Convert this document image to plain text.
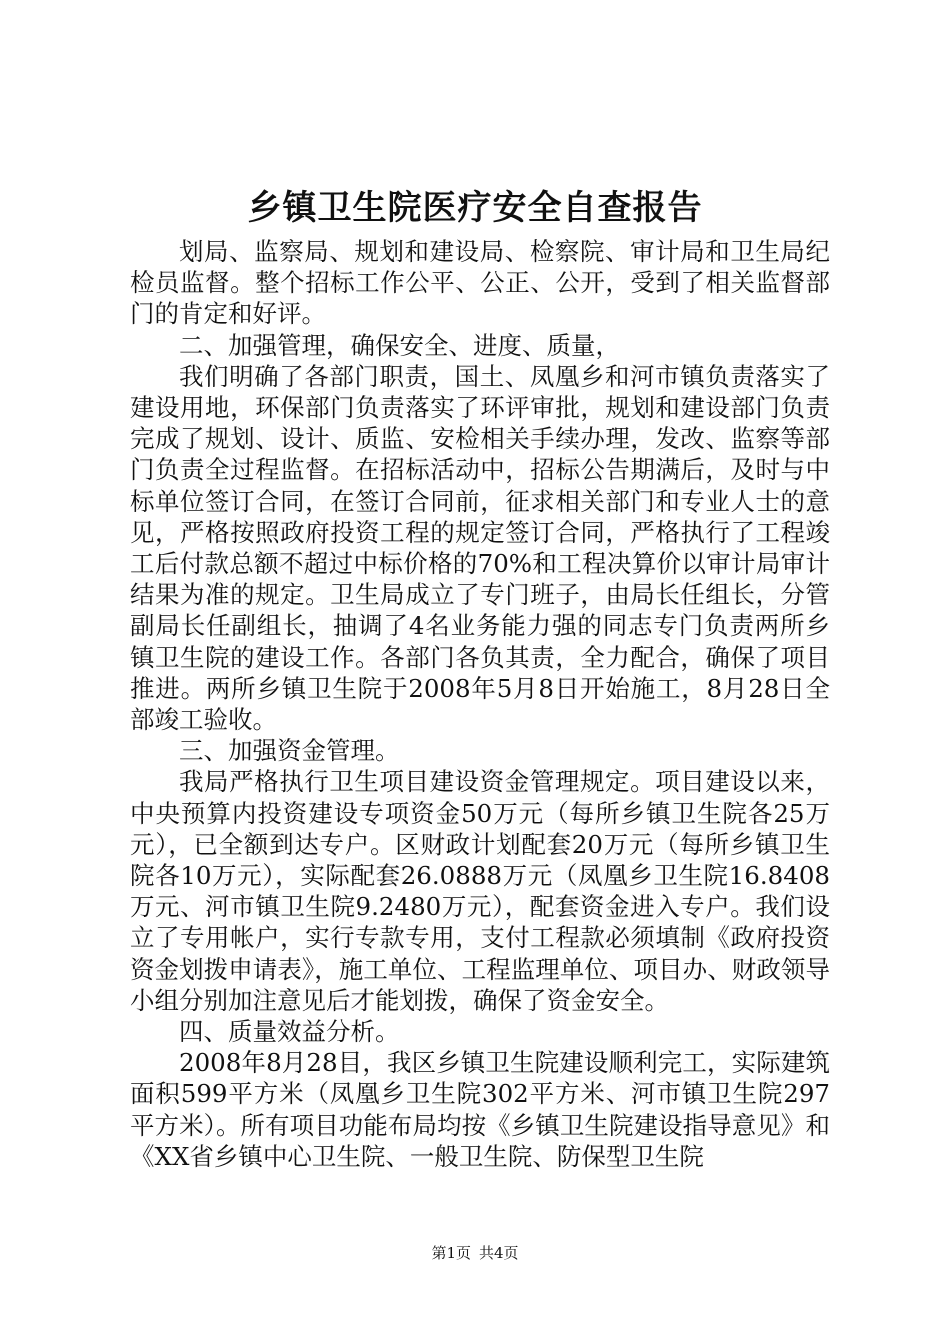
乡镇卫生院医疗安全自查报告

划局、监察局、规划和建设局、检察院、审计局和卫生局纪检员监督。整个招标工作公平、公正、公开，受到了相关监督部门的肯定和好评。

二、加强管理，确保安全、进度、质量，

我们明确了各部门职责，国土、凤凰乡和河市镇负责落实了建设用地，环保部门负责落实了环评审批，规划和建设部门负责完成了规划、设计、质监、安检相关手续办理，发改、监察等部门负责全过程监督。在招标活动中，招标公告期满后，及时与中标单位签订合同，在签订合同前，征求相关部门和专业人士的意见，严格按照政府投资工程的规定签订合同，严格执行了工程竣工后付款总额不超过中标价格的70%和工程决算价以审计局审计结果为准的规定。卫生局成立了专门班子，由局长任组长，分管副局长任副组长，抽调了4名业务能力强的同志专门负责两所乡镇卫生院的建设工作。各部门各负其责，全力配合，确保了项目推进。两所乡镇卫生院于2008年5月8日开始施工，8月28日全部竣工验收。

三、加强资金管理。

我局严格执行卫生项目建设资金管理规定。项目建设以来，中央预算内投资建设专项资金50万元（每所乡镇卫生院各25万元），已全额到达专户。区财政计划配套20万元（每所乡镇卫生院各10万元），实际配套26.0888万元（凤凰乡卫生院16.8408万元、河市镇卫生院9.2480万元），配套资金进入专户。我们设立了专用帐户，实行专款专用，支付工程款必须填制《政府投资资金划拨申请表》，施工单位、工程监理单位、项目办、财政领导小组分别加注意见后才能划拨，确保了资金安全。

四、质量效益分析。

2008年8月28目，我区乡镇卫生院建设顺利完工，实际建筑面积599平方米（凤凰乡卫生院302平方米、河市镇卫生院297平方米）。所有项目功能布局均按《乡镇卫生院建设指导意见》和《XX省乡镇中心卫生院、一般卫生院、防保型卫生院

第1页 共4页
